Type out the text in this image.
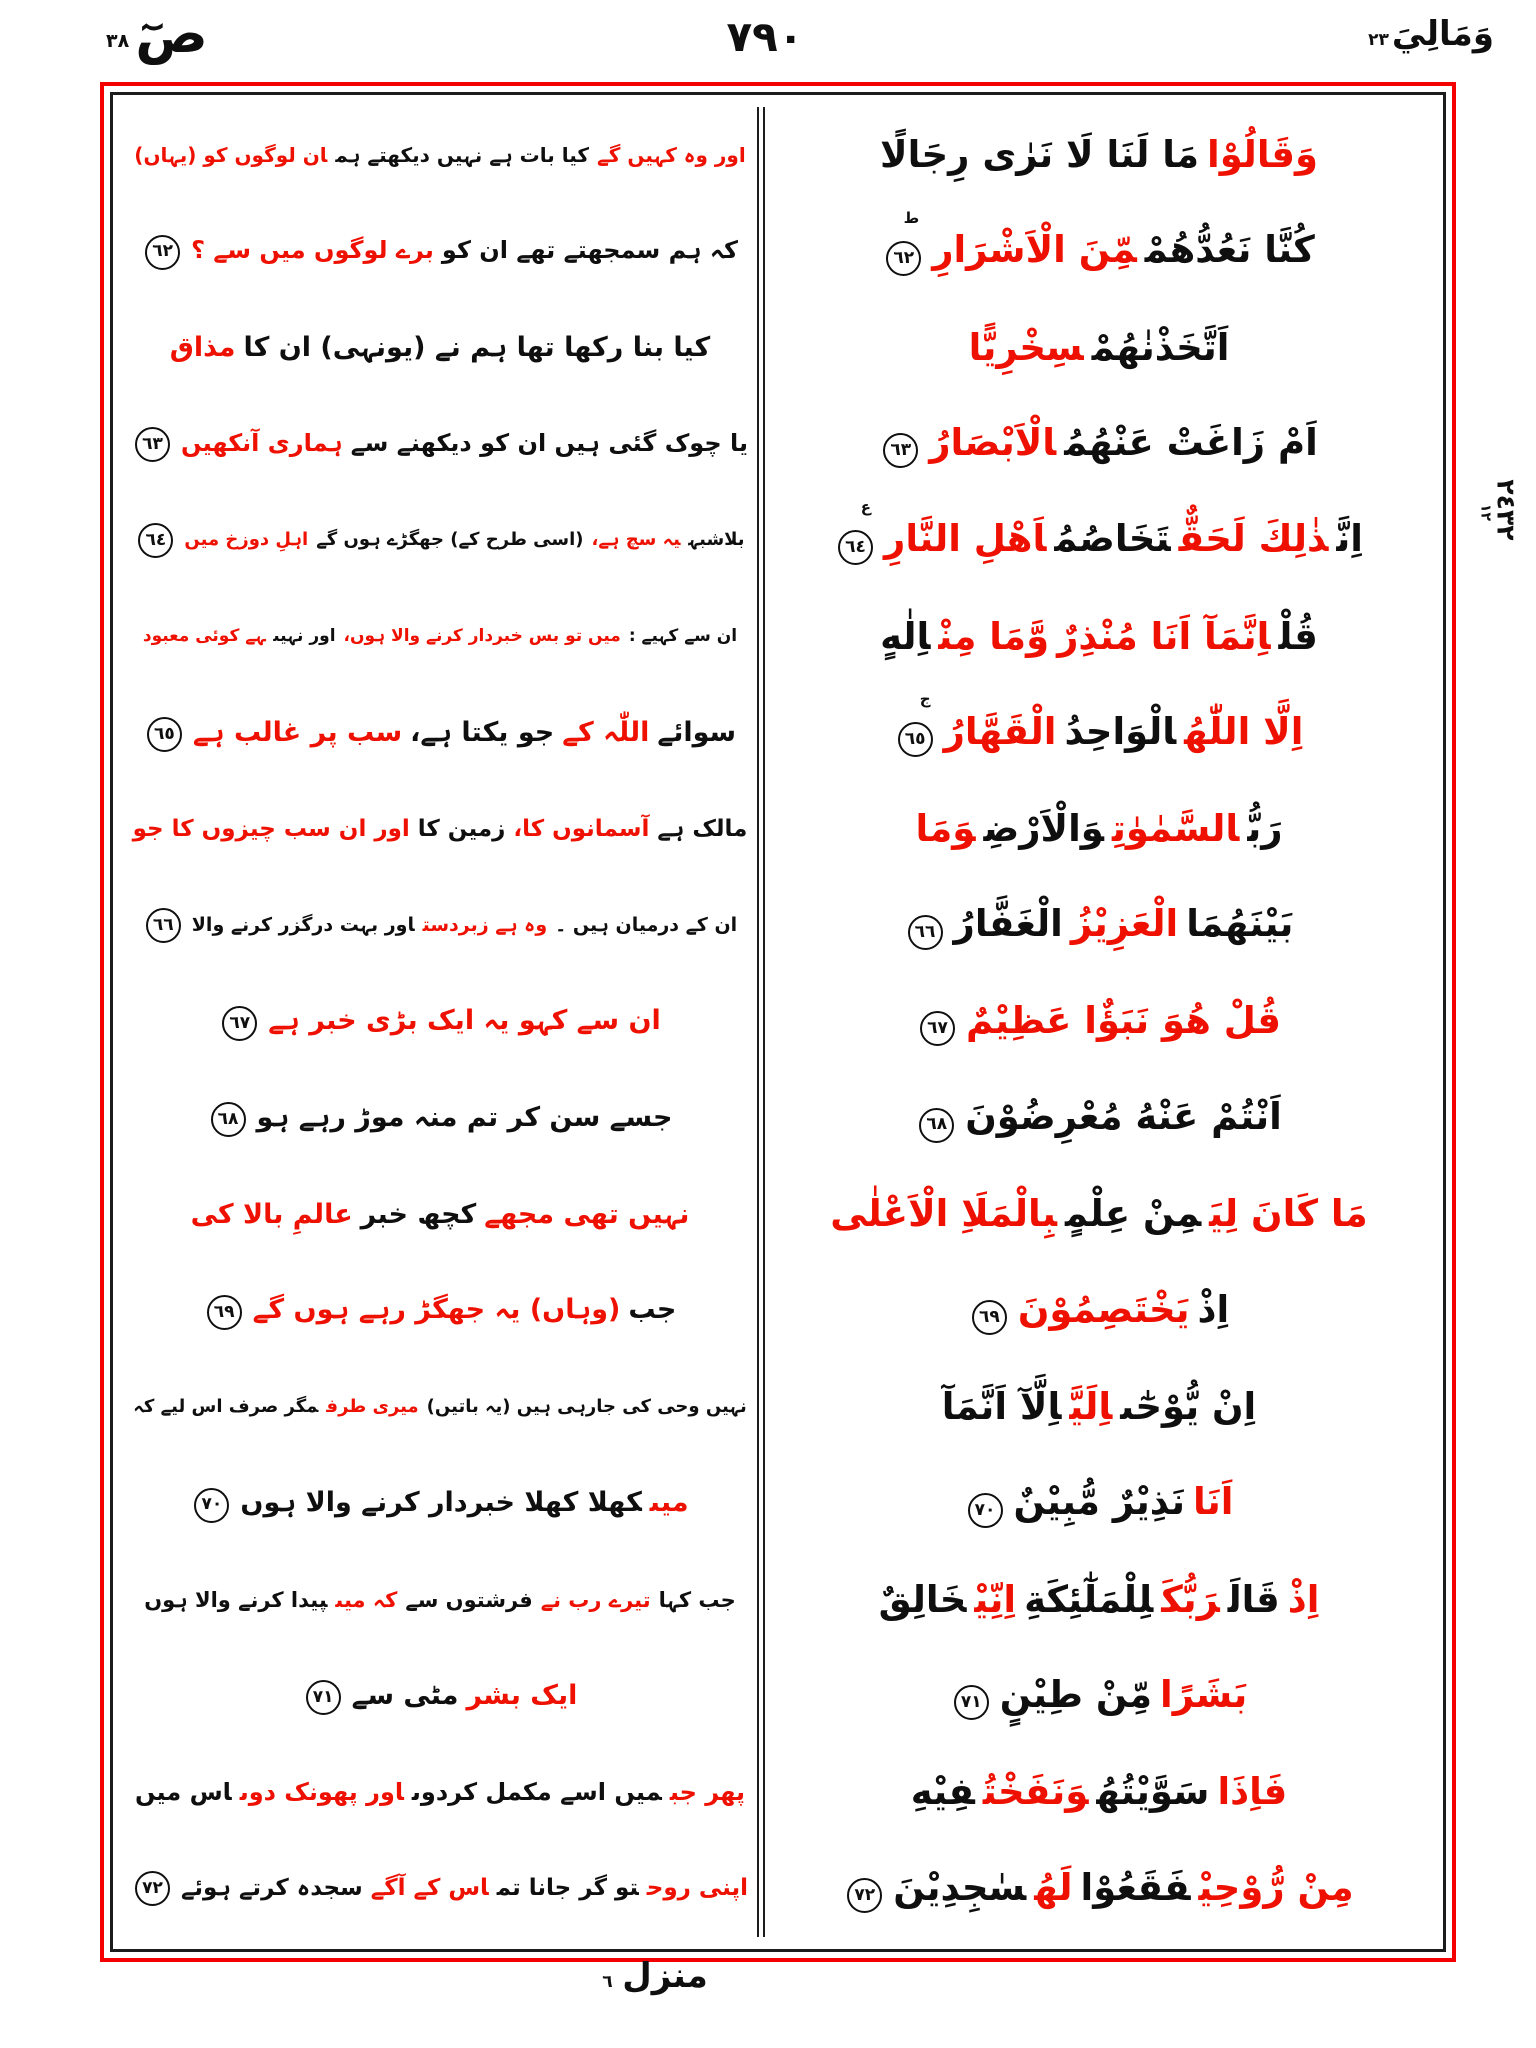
صٓ
٣٨	٧٩٠	وَمَالِيَ
٢٣
٢٤٣٢
١٢
اور وہ کہیں گےکیا بات ہے نہیں دیکھتے ہمان لوگوں کو (یہاں)
کہ ہم سمجھتے تھے ان کوبرے لوگوں میں سے ؟٦٢
کیا بنا رکھا تھا ہم نے (یونہی) ان کامذاق
یا چوک گئی ہیں ان کو دیکھنے سےہماری آنکھیں٦٣
بلاشبہیہ سچ ہے،(اسی طرح کے) جھگڑے ہوں گےاہلِ دوزخ میں٦٤
ان سے کہیے :میں تو بس خبردار کرنے والا ہوں،اور نہیںہے کوئی معبود
سوائےاللّٰہ کےجو یکتا ہے،سب پر غالب ہے٦٥
مالک ہےآسمانوں کا،زمین کااور ان سب چیزوں کا جو
ان کے درمیان ہیں ۔وہ ہے زبردستاور بہت درگزر کرنے والا٦٦
ان سے کہو یہ ایک بڑی خبر ہے٦٧
جسے سن کر تم منہ موڑ رہے ہو٦٨
نہیں تھی مجھےکچھ خبرعالمِ بالا کی
جب(وہاں) یہ جھگڑ رہے ہوں گے٦٩
نہیں وحی کی جارہی ہیں (یہ باتیں)میری طرفمگر صرف اس لیے کہ
میںکھلا کھلا خبردار کرنے والا ہوں٧٠
جب کہاتیرے رب نےفرشتوں سےکہ میںپیدا کرنے والا ہوں
ایک بشرمٹی سے٧١
پھر جبمیں اسے مکمل کردوںاور پھونک دوںاس میں
اپنی روحتو گر جانا تماس کے آگےسجدہ کرتے ہوئے٧٢
وَقَالُوْامَا لَنَا لَا نَرٰى رِجَالًا
كُنَّا نَعُدُّهُمْمِّنَ الْاَشْرَارِ
ط
٦٢
اَتَّخَذْنٰهُمْسِخْرِيًّا
اَمْ زَاغَتْ عَنْهُمُالْاَبْصَارُ٦٣
اِنَّذٰلِكَ لَحَقٌّتَخَاصُمُاَهْلِ النَّارِ
ع
٦٤
قُلْاِنَّمَآ اَنَا مُنْذِرٌوَّمَا مِنْاِلٰهٍ
اِلَّا اللّٰهُالْوَاحِدُالْقَهَّارُ
ج
٦٥
رَبُّالسَّمٰوٰتِوَالْاَرْضِوَمَا
بَيْنَهُمَاالْعَزِيْزُالْغَفَّارُ٦٦
قُلْ هُوَ نَبَؤٌا عَظِيْمٌ٦٧
اَنْتُمْ عَنْهُ مُعْرِضُوْنَ٦٨
مَا كَانَ لِيَمِنْ عِلْمٍبِالْمَلَاِ الْاَعْلٰى
اِذْيَخْتَصِمُوْنَ٦٩
اِنْ يُّوْحٰٓىاِلَيَّاِلَّآ اَنَّمَآ
اَنَانَذِيْرٌ مُّبِيْنٌ٧٠
اِذْقَالَرَبُّكَلِلْمَلٰٓئِكَةِاِنِّيْخَالِقٌ
بَشَرًامِّنْ طِيْنٍ٧١
فَاِذَاسَوَّيْتُهُوَنَفَخْتُفِيْهِ
مِنْ رُّوْحِيْفَقَعُوْالَهُسٰجِدِيْنَ٧٢
منزل ٦
